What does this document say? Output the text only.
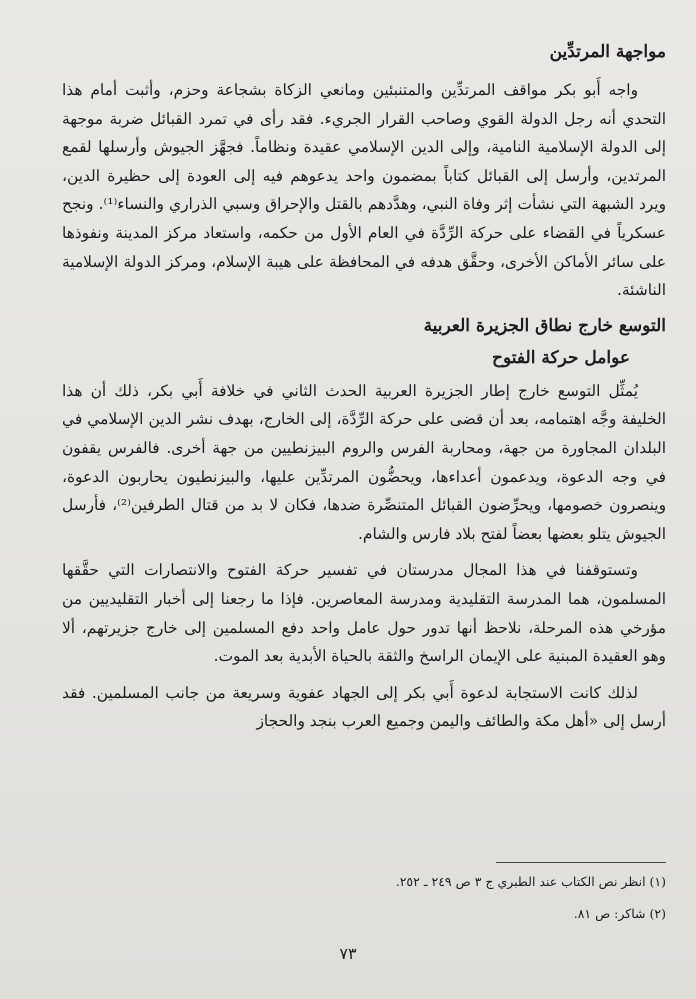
مواجهة المرتدِّين

واجه أَبو بكر مواقف المرتدِّين والمتنبئين ومانعي الزكاة بشجاعة وحزم، وأثبت أمام هذا التحدي أنه رجل الدولة القوي وصاحب القرار الجريء. فقد رأى في تمرد القبائل ضربة موجهة إلى الدولة الإسلامية النامية، وإلى الدين الإسلامي عقيدة ونظاماً. فجهَّز الجيوش وأرسلها لقمع المرتدين، وأرسل إلى القبائل كتاباً بمضمون واحد يدعوهم فيه إلى العودة إلى حظيرة الدين، ويرد الشبهة التي نشأت إثر وفاة النبي، وهدَّدهم بالقتل والإحراق وسبي الذراري والنساء⁽¹⁾. ونجح عسكرياً في القضاء على حركة الرِّدَّة في العام الأول من حكمه، واستعاد مركز المدينة ونفوذها على سائر الأماكن الأخرى، وحقَّق هدفه في المحافظة على هيبة الإسلام، ومركز الدولة الإسلامية الناشئة.

التوسع خارج نطاق الجزيرة العربية
عوامل حركة الفتوح

يُمثِّل التوسع خارج إطار الجزيرة العربية الحدث الثاني في خلافة أَبي بكر، ذلك أن هذا الخليفة وجَّه اهتمامه، بعد أن قضى على حركة الرِّدَّة، إلى الخارج، بهدف نشر الدين الإسلامي في البلدان المجاورة من جهة، ومحاربة الفرس والروم البيزنطيين من جهة أخرى. فالفرس يقفون في وجه الدعوة، ويدعمون أعداءها، ويحضُّون المرتدِّين عليها، والبيزنطيون يحاربون الدعوة، وينصرون خصومها، ويحرِّضون القبائل المتنصِّرة ضدها، فكان لا بد من قتال الطرفين⁽²⁾، فأرسل الجيوش يتلو بعضها بعضاً لفتح بلاد فارس والشام.

وتستوقفنا في هذا المجال مدرستان في تفسير حركة الفتوح والانتصارات التي حقَّقها المسلمون، هما المدرسة التقليدية ومدرسة المعاصرين. فإذا ما رجعنا إلى أخبار التقليديين من مؤرخي هذه المرحلة، نلاحظ أنها تدور حول عامل واحد دفع المسلمين إلى خارج جزيرتهم، ألا وهو العقيدة المبنية على الإيمان الراسخ والثقة بالحياة الأبدية بعد الموت.

لذلك كانت الاستجابة لدعوة أَبي بكر إلى الجهاد عفوية وسريعة من جانب المسلمين. فقد أرسل إلى «أهل مكة والطائف واليمن وجميع العرب بنجد والحجاز

(١) انظر نص الكتاب عند الطبري ج ٣ ص ٢٤٩ ـ ٢٥٢.

(٢) شاكر: ص ٨١.

٧٣
